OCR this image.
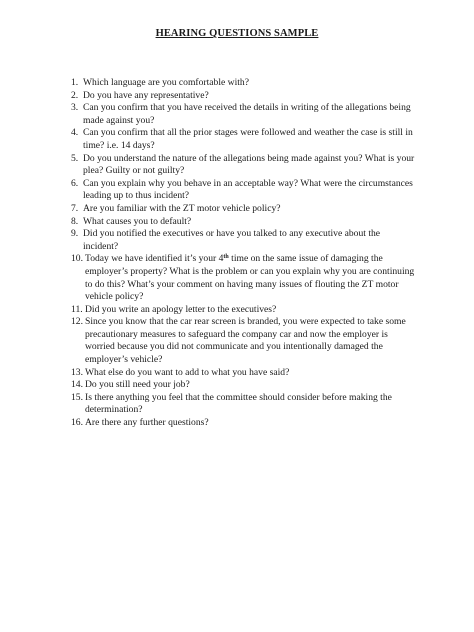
HEARING QUESTIONS SAMPLE
1. Which language are you comfortable with?
2. Do you have any representative?
3. Can you confirm that you have received the details in writing of the allegations being made against you?
4. Can you confirm that all the prior stages were followed and weather the case is still in time? i.e. 14 days?
5. Do you understand the nature of the allegations being made against you? What is your plea? Guilty or not guilty?
6. Can you explain why you behave in an acceptable way? What were the circumstances leading up to thus incident?
7. Are you familiar with the ZT motor vehicle policy?
8. What causes you to default?
9. Did you notified the executives or have you talked to any executive about the incident?
10. Today we have identified it’s your 4th time on the same issue of damaging the employer’s property? What is the problem or can you explain why you are continuing to do this? What’s your comment on having many issues of flouting the ZT motor vehicle policy?
11. Did you write an apology letter to the executives?
12. Since you know that the car rear screen is branded, you were expected to take some precautionary measures to safeguard the company car and now the employer is worried because you did not communicate and you intentionally damaged the employer’s vehicle?
13. What else do you want to add to what you have said?
14. Do you still need your job?
15. Is there anything you feel that the committee should consider before making the determination?
16. Are there any further questions?
